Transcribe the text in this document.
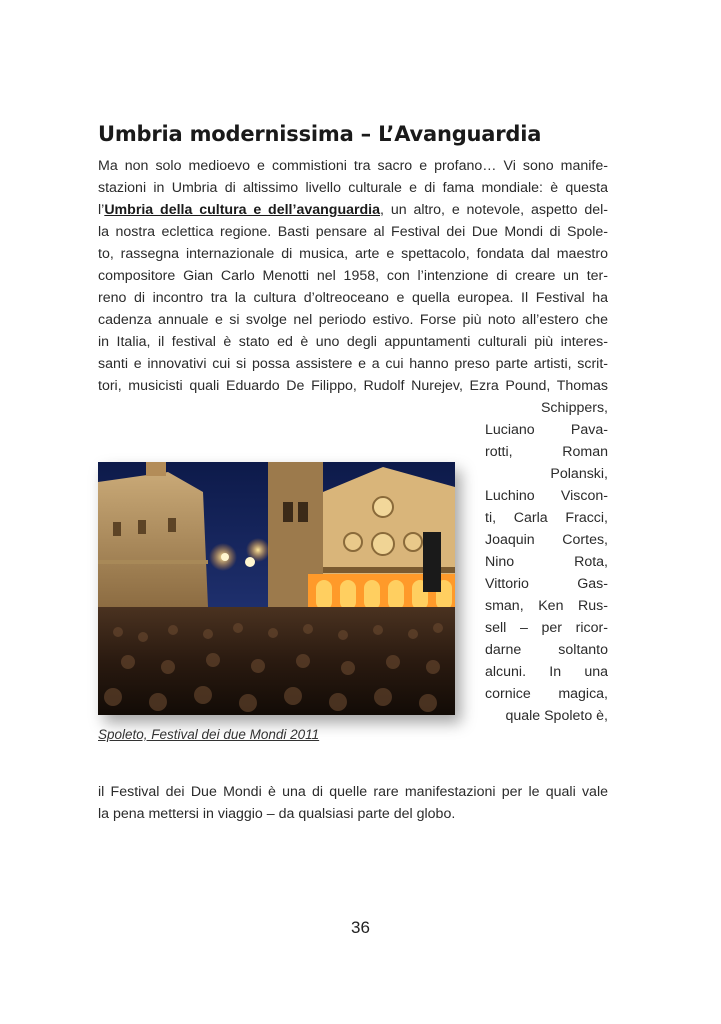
Umbria modernissima – L’Avanguardia
Ma non solo medioevo e commistioni tra sacro e profano… Vi sono manife-
stazioni in Umbria di altissimo livello culturale e di fama mondiale: è questa
l’Umbria della cultura e dell’avanguardia, un altro, e notevole, aspetto del-
la nostra eclettica regione. Basti pensare al Festival dei Due Mondi di Spole-
to, rassegna internazionale di musica, arte e spettacolo, fondata dal maestro
compositore Gian Carlo Menotti nel 1958, con l’intenzione di creare un ter-
reno di incontro tra la cultura d’oltreoceano e quella europea. Il Festival ha
cadenza annuale e si svolge nel periodo estivo. Forse più noto all’estero che
in Italia, il festival è stato ed è uno degli appuntamenti culturali più interes-
santi e innovativi cui si possa assistere e a cui hanno preso parte artisti, scrit-
tori, musicisti quali Eduardo De Filippo, Rudolf Nurejev, Ezra Pound, Thomas
Schippers,
Luciano Pava-
rotti, Roman
Polanski,
Luchino Viscon-
ti, Carla Fracci,
Joaquin Cortes,
Nino Rota,
Vittorio Gas-
sman, Ken Rus-
sell – per ricor-
darne soltanto
alcuni. In una
cornice magica,
quale Spoleto è,
Spoleto, Festival dei due Mondi 2011
il Festival dei Due Mondi è una di quelle rare manifestazioni per le quali vale
la pena mettersi in viaggio – da qualsiasi parte del globo.
36
